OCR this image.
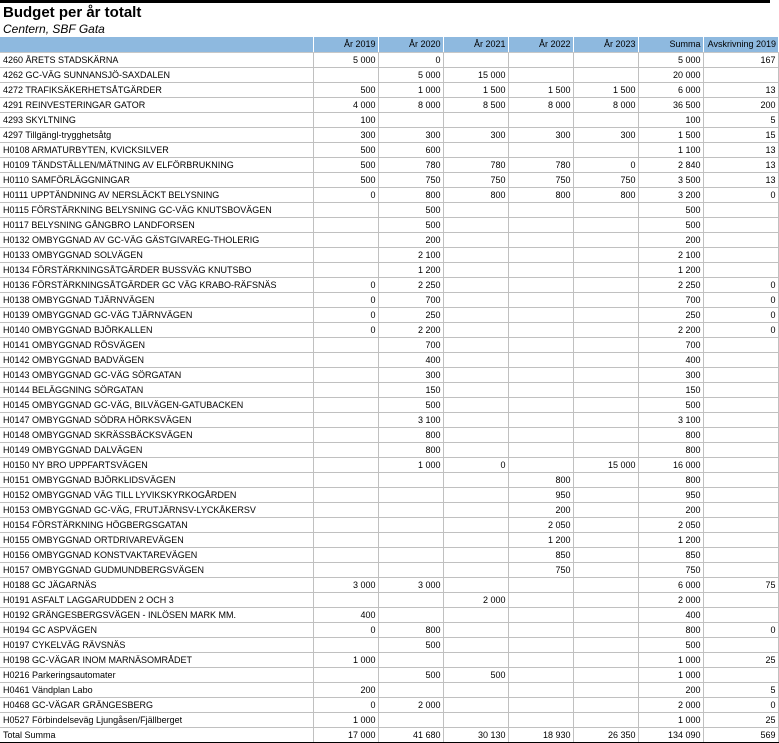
Budget per år totalt
Centern, SBF Gata
	År 2019	År 2020	År 2021	År 2022	År 2023	Summa	Avskrivning 2019
4260 ÅRETS STADSKÄRNA	5 000	0				5 000	167
4262 GC-VÄG SUNNANSJÖ-SAXDALEN		5 000	15 000			20 000	
4272 TRAFIKSÄKERHETSÅTGÄRDER	500	1 000	1 500	1 500	1 500	6 000	13
4291 REINVESTERINGAR GATOR	4 000	8 000	8 500	8 000	8 000	36 500	200
4293 SKYLTNING	100					100	5
4297 Tillgängl-trygghetsåtg	300	300	300	300	300	1 500	15
H0108 ARMATURBYTEN, KVICKSILVER	500	600				1 100	13
H0109 TÄNDSTÄLLEN/MÄTNING AV ELFÖRBRUKNING	500	780	780	780	0	2 840	13
H0110 SAMFÖRLÄGGNINGAR	500	750	750	750	750	3 500	13
H0111 UPPTÄNDNING AV NERSLÄCKT BELYSNING	0	800	800	800	800	3 200	0
H0115 FÖRSTÄRKNING BELYSNING GC-VÄG KNUTSBOVÄGEN		500				500	
H0117 BELYSNING GÅNGBRO LANDFORSEN		500				500	
H0132 OMBYGGNAD AV GC-VÄG GÄSTGIVAREG-THOLERIG		200				200	
H0133 OMBYGGNAD SOLVÄGEN		2 100				2 100	
H0134 FÖRSTÄRKNINGSÅTGÄRDER BUSSVÄG KNUTSBO		1 200				1 200	
H0136 FÖRSTÄRKNINGSÅTGÄRDER GC VÄG KRABO-RÄFSNÄS	0	2 250				2 250	0
H0138 OMBYGGNAD TJÄRNVÄGEN	0	700				700	0
H0139 OMBYGGNAD GC-VÄG TJÄRNVÄGEN	0	250				250	0
H0140 OMBYGGNAD BJÖRKALLEN	0	2 200				2 200	0
H0141 OMBYGGNAD RÖSVÄGEN		700				700	
H0142 OMBYGGNAD BADVÄGEN		400				400	
H0143 OMBYGGNAD GC-VÄG SÖRGATAN		300				300	
H0144 BELÄGGNING SÖRGATAN		150				150	
H0145 OMBYGGNAD GC-VÄG, BILVÄGEN-GATUBACKEN		500				500	
H0147 OMBYGGNAD SÖDRA HÖRKSVÄGEN		3 100				3 100	
H0148 OMBYGGNAD SKRÄSSBÄCKSVÄGEN		800				800	
H0149 OMBYGGNAD DALVÄGEN		800				800	
H0150 NY BRO UPPFARTSVÄGEN		1 000	0		15 000	16 000	
H0151 OMBYGGNAD BJÖRKLIDSVÄGEN				800		800	
H0152 OMBYGGNAD VÄG TILL LYVIKSKYRKOGÅRDEN				950		950	
H0153 OMBYGGNAD GC-VÄG, FRUTJÄRNSV-LYCKÅKERSV				200		200	
H0154 FÖRSTÄRKNING HÖGBERGSGATAN				2 050		2 050	
H0155 OMBYGGNAD ORTDRIVAREVÄGEN				1 200		1 200	
H0156 OMBYGGNAD KONSTVAKTAREVÄGEN				850		850	
H0157 OMBYGGNAD GUDMUNDBERGSVÄGEN				750		750	
H0188 GC JÄGARNÄS	3 000	3 000				6 000	75
H0191 ASFALT LAGGARUDDEN 2 OCH 3			2 000			2 000	
H0192 GRÄNGESBERGSVÄGEN - INLÖSEN MARK MM.	400					400	
H0194 GC ASPVÄGEN	0	800				800	0
H0197 CYKELVÄG RÄVSNÄS		500				500	
H0198 GC-VÄGAR INOM MARNÄSOMRÅDET	1 000					1 000	25
H0216 Parkeringsautomater		500	500			1 000	
H0461 Vändplan Labo	200					200	5
H0468 GC-VÄGAR GRÄNGESBERG	0	2 000				2 000	0
H0527 Förbindelseväg Ljungåsen/Fjällberget	1 000					1 000	25
Total Summa	17 000	41 680	30 130	18 930	26 350	134 090	569
